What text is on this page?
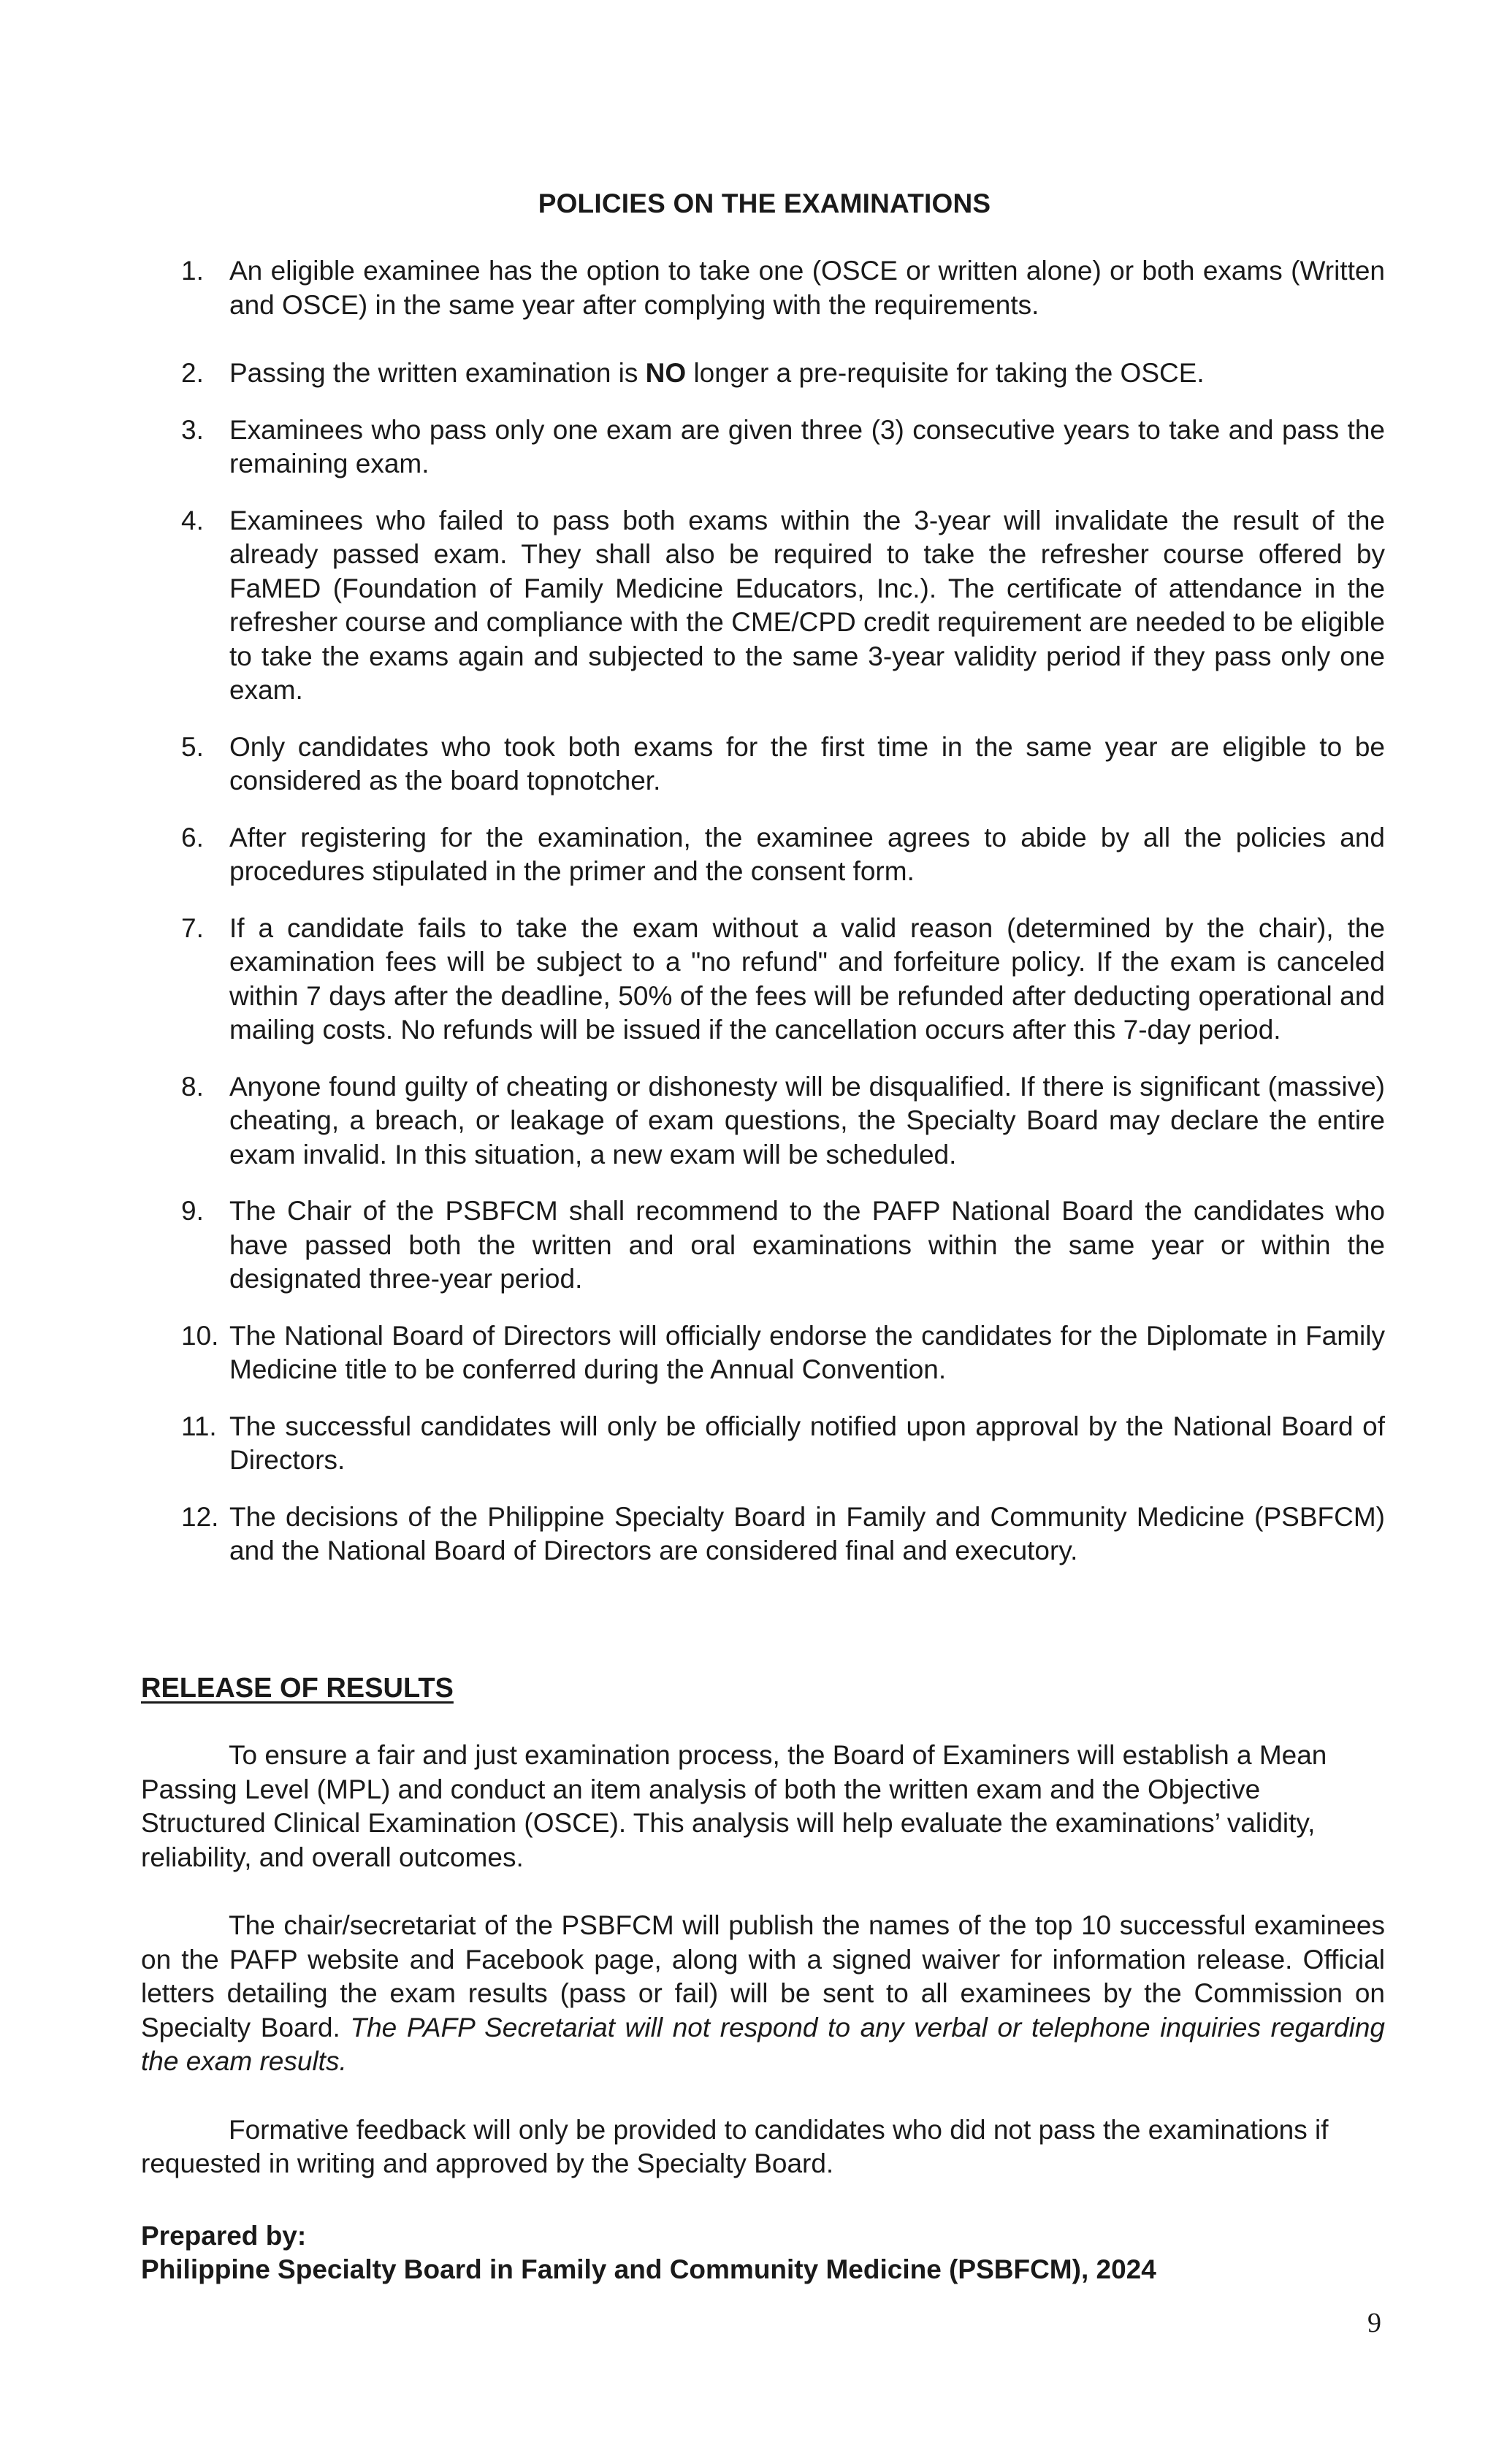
POLICIES ON THE EXAMINATIONS
1. An eligible examinee has the option to take one (OSCE or written alone) or both exams (Written and OSCE) in the same year after complying with the requirements.
2. Passing the written examination is NO longer a pre-requisite for taking the OSCE.
3. Examinees who pass only one exam are given three (3) consecutive years to take and pass the remaining exam.
4. Examinees who failed to pass both exams within the 3-year will invalidate the result of the already passed exam. They shall also be required to take the refresher course offered by FaMED (Foundation of Family Medicine Educators, Inc.). The certificate of attendance in the refresher course and compliance with the CME/CPD credit requirement are needed to be eligible to take the exams again and subjected to the same 3-year validity period if they pass only one exam.
5. Only candidates who took both exams for the first time in the same year are eligible to be considered as the board topnotcher.
6. After registering for the examination, the examinee agrees to abide by all the policies and procedures stipulated in the primer and the consent form.
7. If a candidate fails to take the exam without a valid reason (determined by the chair), the examination fees will be subject to a "no refund" and forfeiture policy. If the exam is canceled within 7 days after the deadline, 50% of the fees will be refunded after deducting operational and mailing costs. No refunds will be issued if the cancellation occurs after this 7-day period.
8. Anyone found guilty of cheating or dishonesty will be disqualified. If there is significant (massive) cheating, a breach, or leakage of exam questions, the Specialty Board may declare the entire exam invalid. In this situation, a new exam will be scheduled.
9. The Chair of the PSBFCM shall recommend to the PAFP National Board the candidates who have passed both the written and oral examinations within the same year or within the designated three-year period.
10. The National Board of Directors will officially endorse the candidates for the Diplomate in Family Medicine title to be conferred during the Annual Convention.
11. The successful candidates will only be officially notified upon approval by the National Board of Directors.
12. The decisions of the Philippine Specialty Board in Family and Community Medicine (PSBFCM) and the National Board of Directors are considered final and executory.
RELEASE OF RESULTS

To ensure a fair and just examination process, the Board of Examiners will establish a Mean Passing Level (MPL) and conduct an item analysis of both the written exam and the Objective Structured Clinical Examination (OSCE). This analysis will help evaluate the examinations’ validity, reliability, and overall outcomes.

The chair/secretariat of the PSBFCM will publish the names of the top 10 successful examinees on the PAFP website and Facebook page, along with a signed waiver for information release. Official letters detailing the exam results (pass or fail) will be sent to all examinees by the Commission on Specialty Board. The PAFP Secretariat will not respond to any verbal or telephone inquiries regarding the exam results.

Formative feedback will only be provided to candidates who did not pass the examinations if requested in writing and approved by the Specialty Board.

Prepared by:
Philippine Specialty Board in Family and Community Medicine (PSBFCM), 2024
9
